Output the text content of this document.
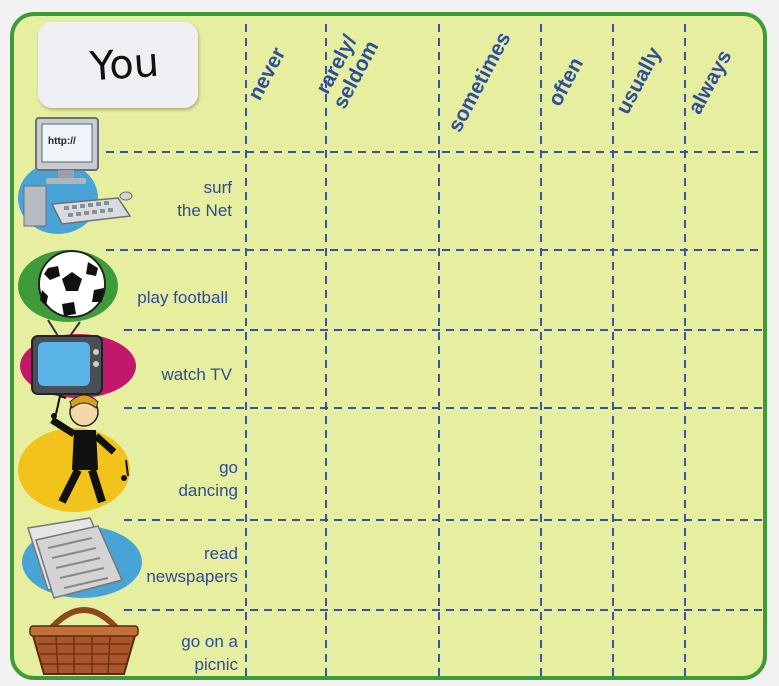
You	never rarely/ seldom	sometimes often usually always
surf
the Net
play football
watch TV
go
dancing
read
newspapers
go on a
picnic
http://
